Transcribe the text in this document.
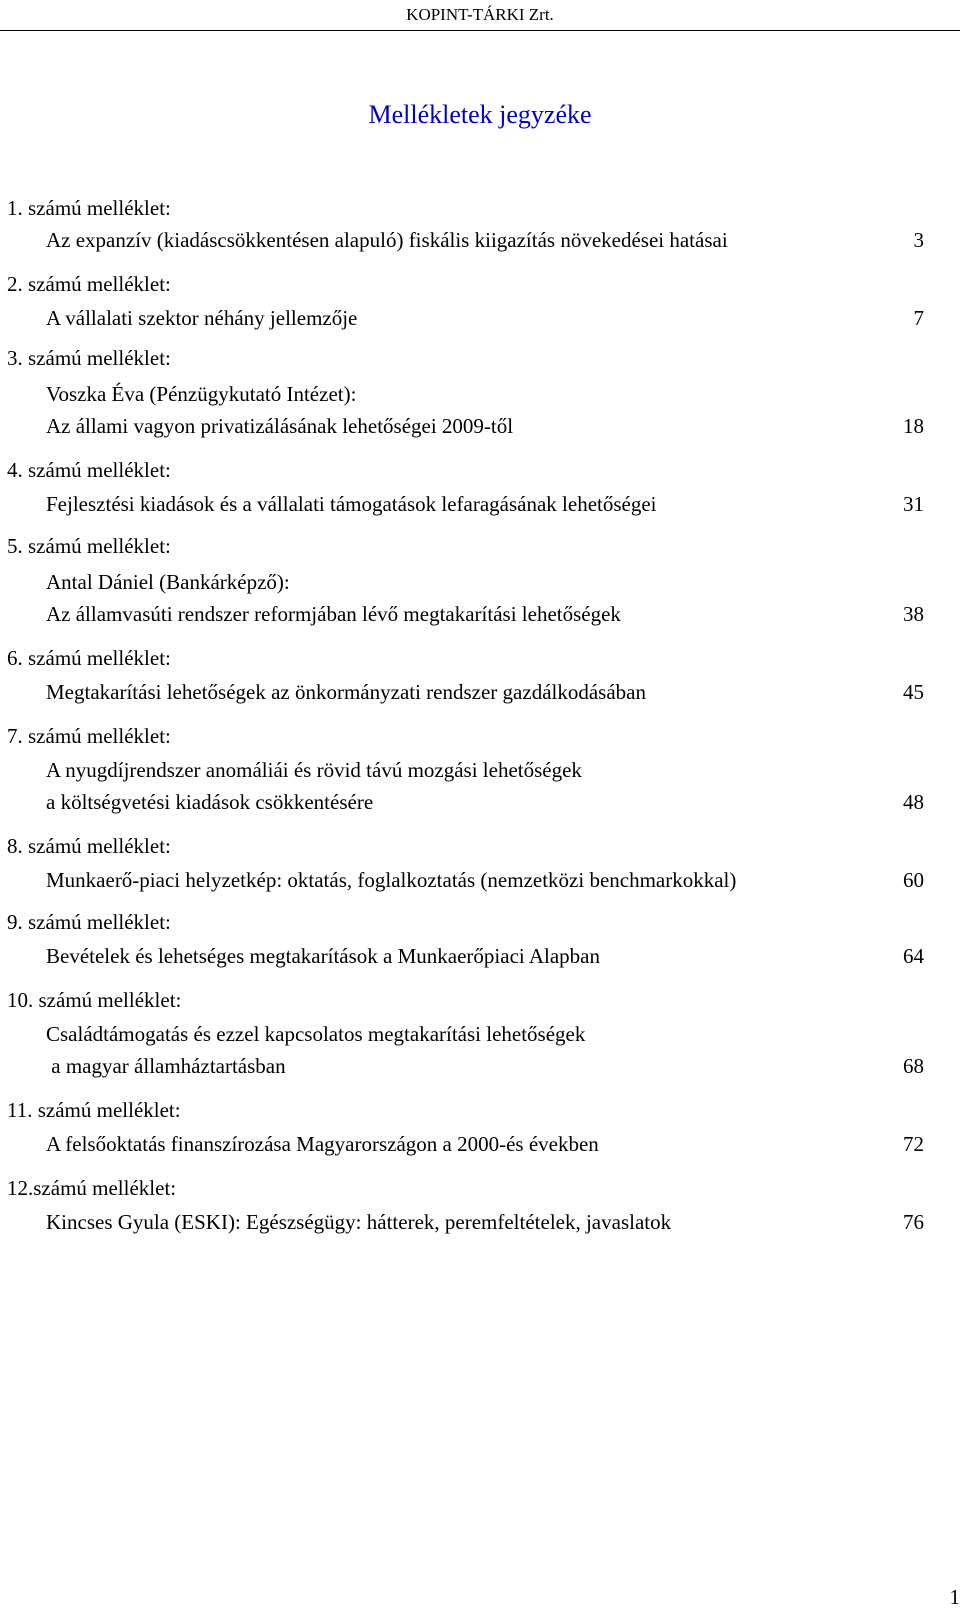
KOPINT-TÁRKI Zrt.
Mellékletek jegyzéke
1. számú melléklet:
Az expanzív (kiadáscsökkentésen alapuló) fiskális kiigazítás növekedései hatásai	3
2. számú melléklet:
A vállalati szektor néhány jellemzője	7
3. számú melléklet:
Voszka Éva (Pénzügykutató Intézet):
Az állami vagyon privatizálásának lehetőségei 2009-től	18
4. számú melléklet:
Fejlesztési kiadások és a vállalati támogatások lefaragásának lehetőségei	31
5. számú melléklet:
Antal Dániel (Bankárképző):
Az államvasúti rendszer reformjában lévő megtakarítási lehetőségek	38
6. számú melléklet:
Megtakarítási lehetőségek az önkormányzati rendszer gazdálkodásában	45
7. számú melléklet:
A nyugdíjrendszer anomáliái és rövid távú mozgási lehetőségek
a költségvetési kiadások csökkentésére	48
8. számú melléklet:
Munkaerő-piaci helyzetkép: oktatás, foglalkoztatás (nemzetközi benchmarkokkal)	60
9. számú melléklet:
Bevételek és lehetséges megtakarítások a Munkaerőpiaci Alapban	64
10. számú melléklet:
Családtámogatás és ezzel kapcsolatos megtakarítási lehetőségek
a magyar államháztartásban	68
11. számú melléklet:
A felsőoktatás finanszírozása Magyarországon a 2000-és években	72
12.számú melléklet:
Kincses Gyula (ESKI): Egészségügy: hátterek, peremfeltételek, javaslatok	76
1
